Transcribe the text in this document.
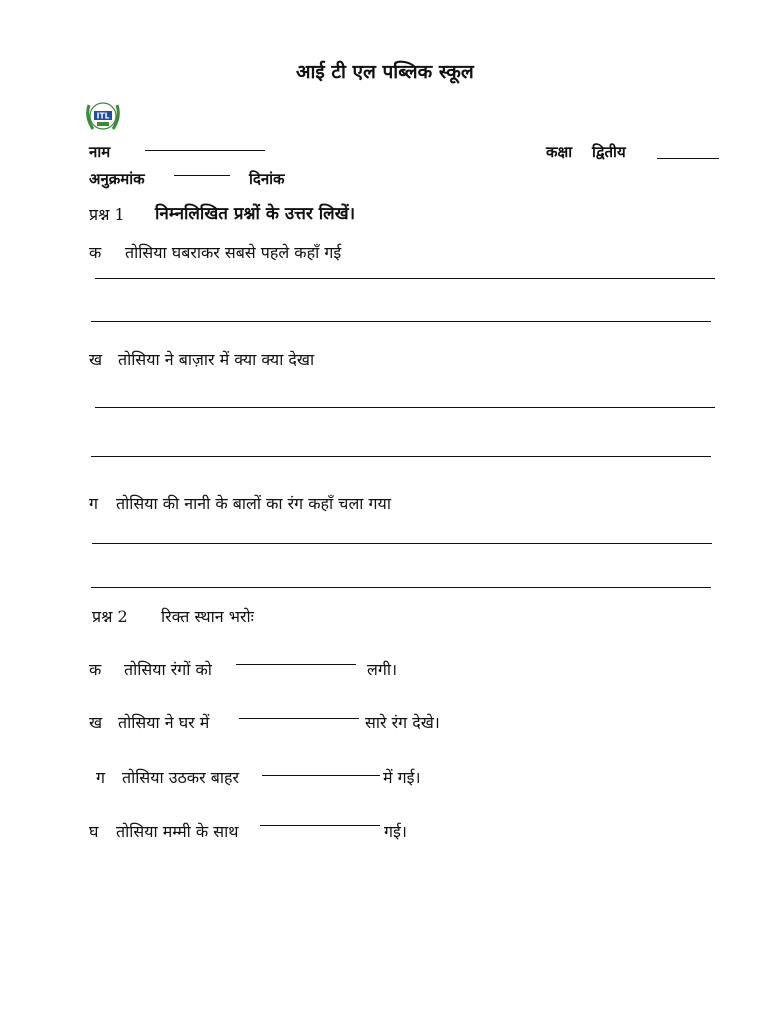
आई टी एल पब्लिक स्कूल
ITL
नाम	कक्षा द्वितीय
अनुक्रमांक	दिनांक
प्रश्न 1 निम्नलिखित प्रश्नों के उत्तर लिखें।
क तोसिया घबराकर सबसे पहले कहाँ गई
ख तोसिया ने बाज़ार में क्या क्या देखा
ग तोसिया की नानी के बालों का रंग कहाँ चला गया
प्रश्न 2 रिक्त स्थान भरोः
क तोसिया रंगों को	लगी।
ख तोसिया ने घर में	सारे रंग देखे।
ग तोसिया उठकर बाहर	में गई।
घ तोसिया मम्मी के साथ	गई।
